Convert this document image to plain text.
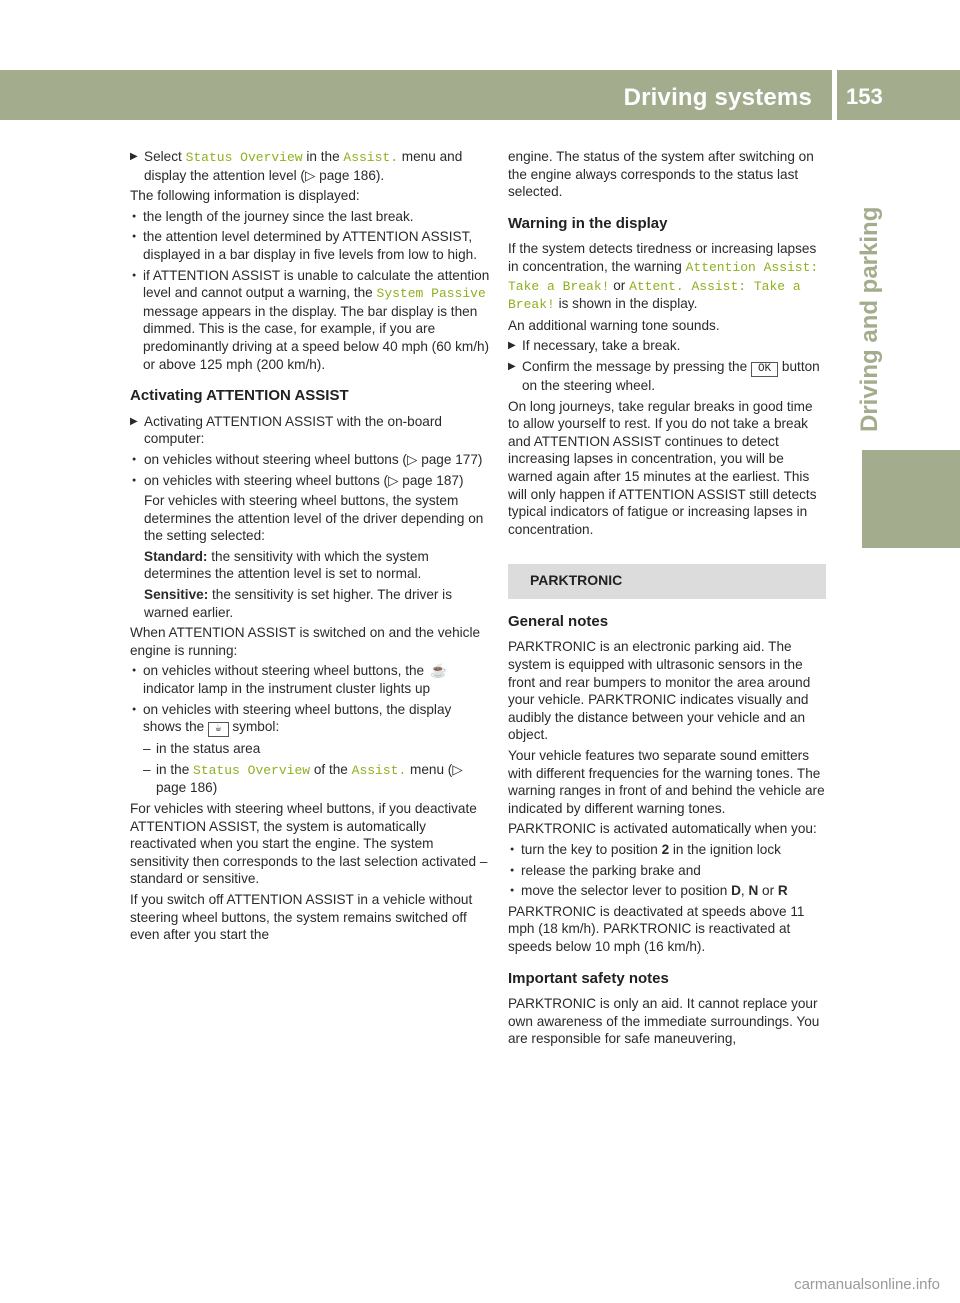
Driving systems 153
Driving and parking

▶ Select Status Overview in the Assist. menu and display the attention level (▷ page 186).

The following information is displayed:

● the length of the journey since the last break.

● the attention level determined by ATTENTION ASSIST, displayed in a bar display in five levels from low to high.

● if ATTENTION ASSIST is unable to calculate the attention level and cannot output a warning, the System Passive message appears in the display. The bar display is then dimmed. This is the case, for example, if you are predominantly driving at a speed below 40 mph (60 km/h) or above 125 mph (200 km/h).

Activating ATTENTION ASSIST

▶ Activating ATTENTION ASSIST with the on-board computer:

● on vehicles without steering wheel buttons (▷ page 177)

● on vehicles with steering wheel buttons (▷ page 187)

For vehicles with steering wheel buttons, the system determines the attention level of the driver depending on the setting selected:

Standard: the sensitivity with which the system determines the attention level is set to normal.

Sensitive: the sensitivity is set higher. The driver is warned earlier.

When ATTENTION ASSIST is switched on and the vehicle engine is running:

● on vehicles without steering wheel buttons, the ☕ indicator lamp in the instrument cluster lights up

● on vehicles with steering wheel buttons, the display shows the ☕ symbol:

– in the status area

– in the Status Overview of the Assist. menu (▷ page 186)

For vehicles with steering wheel buttons, if you deactivate ATTENTION ASSIST, the system is automatically reactivated when you start the engine. The system sensitivity then corresponds to the last selection activated – standard or sensitive.

If you switch off ATTENTION ASSIST in a vehicle without steering wheel buttons, the system remains switched off even after you start the

engine. The status of the system after switching on the engine always corresponds to the status last selected.

Warning in the display

If the system detects tiredness or increasing lapses in concentration, the warning Attention Assist: Take a Break! or Attent. Assist: Take a Break! is shown in the display.

An additional warning tone sounds.

▶ If necessary, take a break.

▶ Confirm the message by pressing the OK button on the steering wheel.

On long journeys, take regular breaks in good time to allow yourself to rest. If you do not take a break and ATTENTION ASSIST continues to detect increasing lapses in concentration, you will be warned again after 15 minutes at the earliest. This will only happen if ATTENTION ASSIST still detects typical indicators of fatigue or increasing lapses in concentration.

PARKTRONIC
General notes

PARKTRONIC is an electronic parking aid. The system is equipped with ultrasonic sensors in the front and rear bumpers to monitor the area around your vehicle. PARKTRONIC indicates visually and audibly the distance between your vehicle and an object.

Your vehicle features two separate sound emitters with different frequencies for the warning tones. The warning ranges in front of and behind the vehicle are indicated by different warning tones.

PARKTRONIC is activated automatically when you:

● turn the key to position 2 in the ignition lock

● release the parking brake and

● move the selector lever to position D, N or R

PARKTRONIC is deactivated at speeds above 11 mph (18 km/h). PARKTRONIC is reactivated at speeds below 10 mph (16 km/h).

Important safety notes

PARKTRONIC is only an aid. It cannot replace your own awareness of the immediate surroundings. You are responsible for safe maneuvering,

carmanualsonline.info
